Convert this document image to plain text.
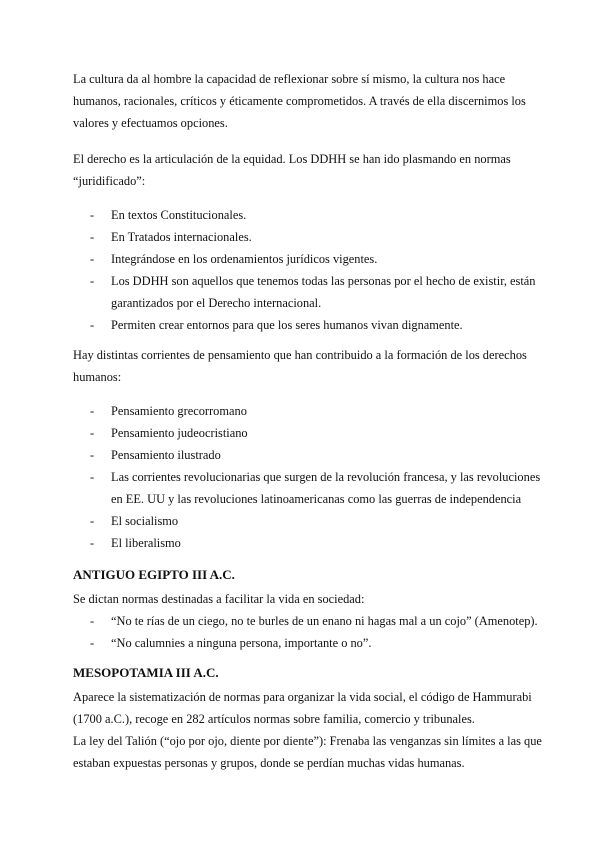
La cultura da al hombre la capacidad de reflexionar sobre sí mismo, la cultura nos hace humanos, racionales, críticos y éticamente comprometidos. A través de ella discernimos los valores y efectuamos opciones.

El derecho es la articulación de la equidad. Los DDHH se han ido plasmando en normas “juridificado”:

- En textos Constitucionales.
- En Tratados internacionales.
- Integrándose en los ordenamientos jurídicos vigentes.
- Los DDHH son aquellos que tenemos todas las personas por el hecho de existir, están garantizados por el Derecho internacional.
- Permiten crear entornos para que los seres humanos vivan dignamente.

Hay distintas corrientes de pensamiento que han contribuido a la formación de los derechos humanos:

- Pensamiento grecorromano
- Pensamiento judeocristiano
- Pensamiento ilustrado
- Las corrientes revolucionarias que surgen de la revolución francesa, y las revoluciones en EE. UU y las revoluciones latinoamericanas como las guerras de independencia
- El socialismo
- El liberalismo
ANTIGUO EGIPTO III A.C.

Se dictan normas destinadas a facilitar la vida en sociedad:

- “No te rías de un ciego, no te burles de un enano ni hagas mal a un cojo” (Amenotep).
- “No calumnies a ninguna persona, importante o no”.
MESOPOTAMIA III A.C.

Aparece la sistematización de normas para organizar la vida social, el código de Hammurabi (1700 a.C.), recoge en 282 artículos normas sobre familia, comercio y tribunales.

La ley del Talión (“ojo por ojo, diente por diente”): Frenaba las venganzas sin límites a las que estaban expuestas personas y grupos, donde se perdían muchas vidas humanas.
